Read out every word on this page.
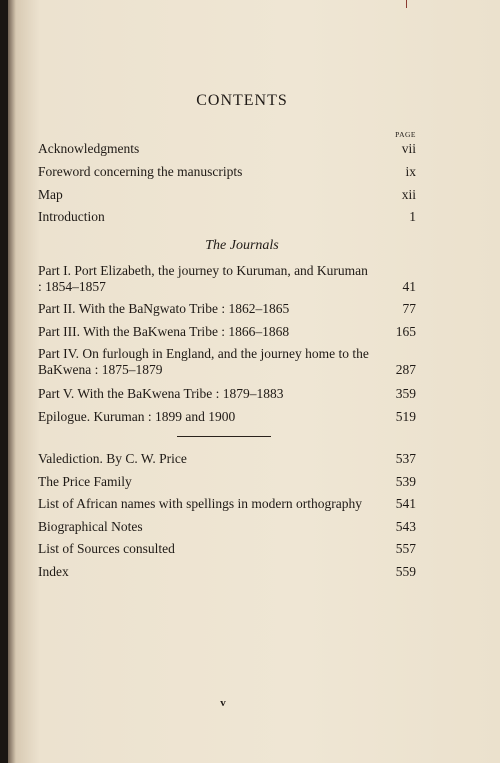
CONTENTS
PAGE
Acknowledgments	vii
Foreword concerning the manuscripts	ix
Map	xii
Introduction	1
The Journals
Part I. Port Elizabeth, the journey to Kuruman, and Kuruman : 1854–1857	41
Part II. With the BaNgwato Tribe : 1862–1865	77
Part III. With the BaKwena Tribe : 1866–1868	165
Part IV. On furlough in England, and the journey home to the BaKwena : 1875–1879	287
Part V. With the BaKwena Tribe : 1879–1883	359
Epilogue. Kuruman : 1899 and 1900	519
Valediction. By C. W. Price	537
The Price Family	539
List of African names with spellings in modern orthography	541
Biographical Notes	543
List of Sources consulted	557
Index	559
v
